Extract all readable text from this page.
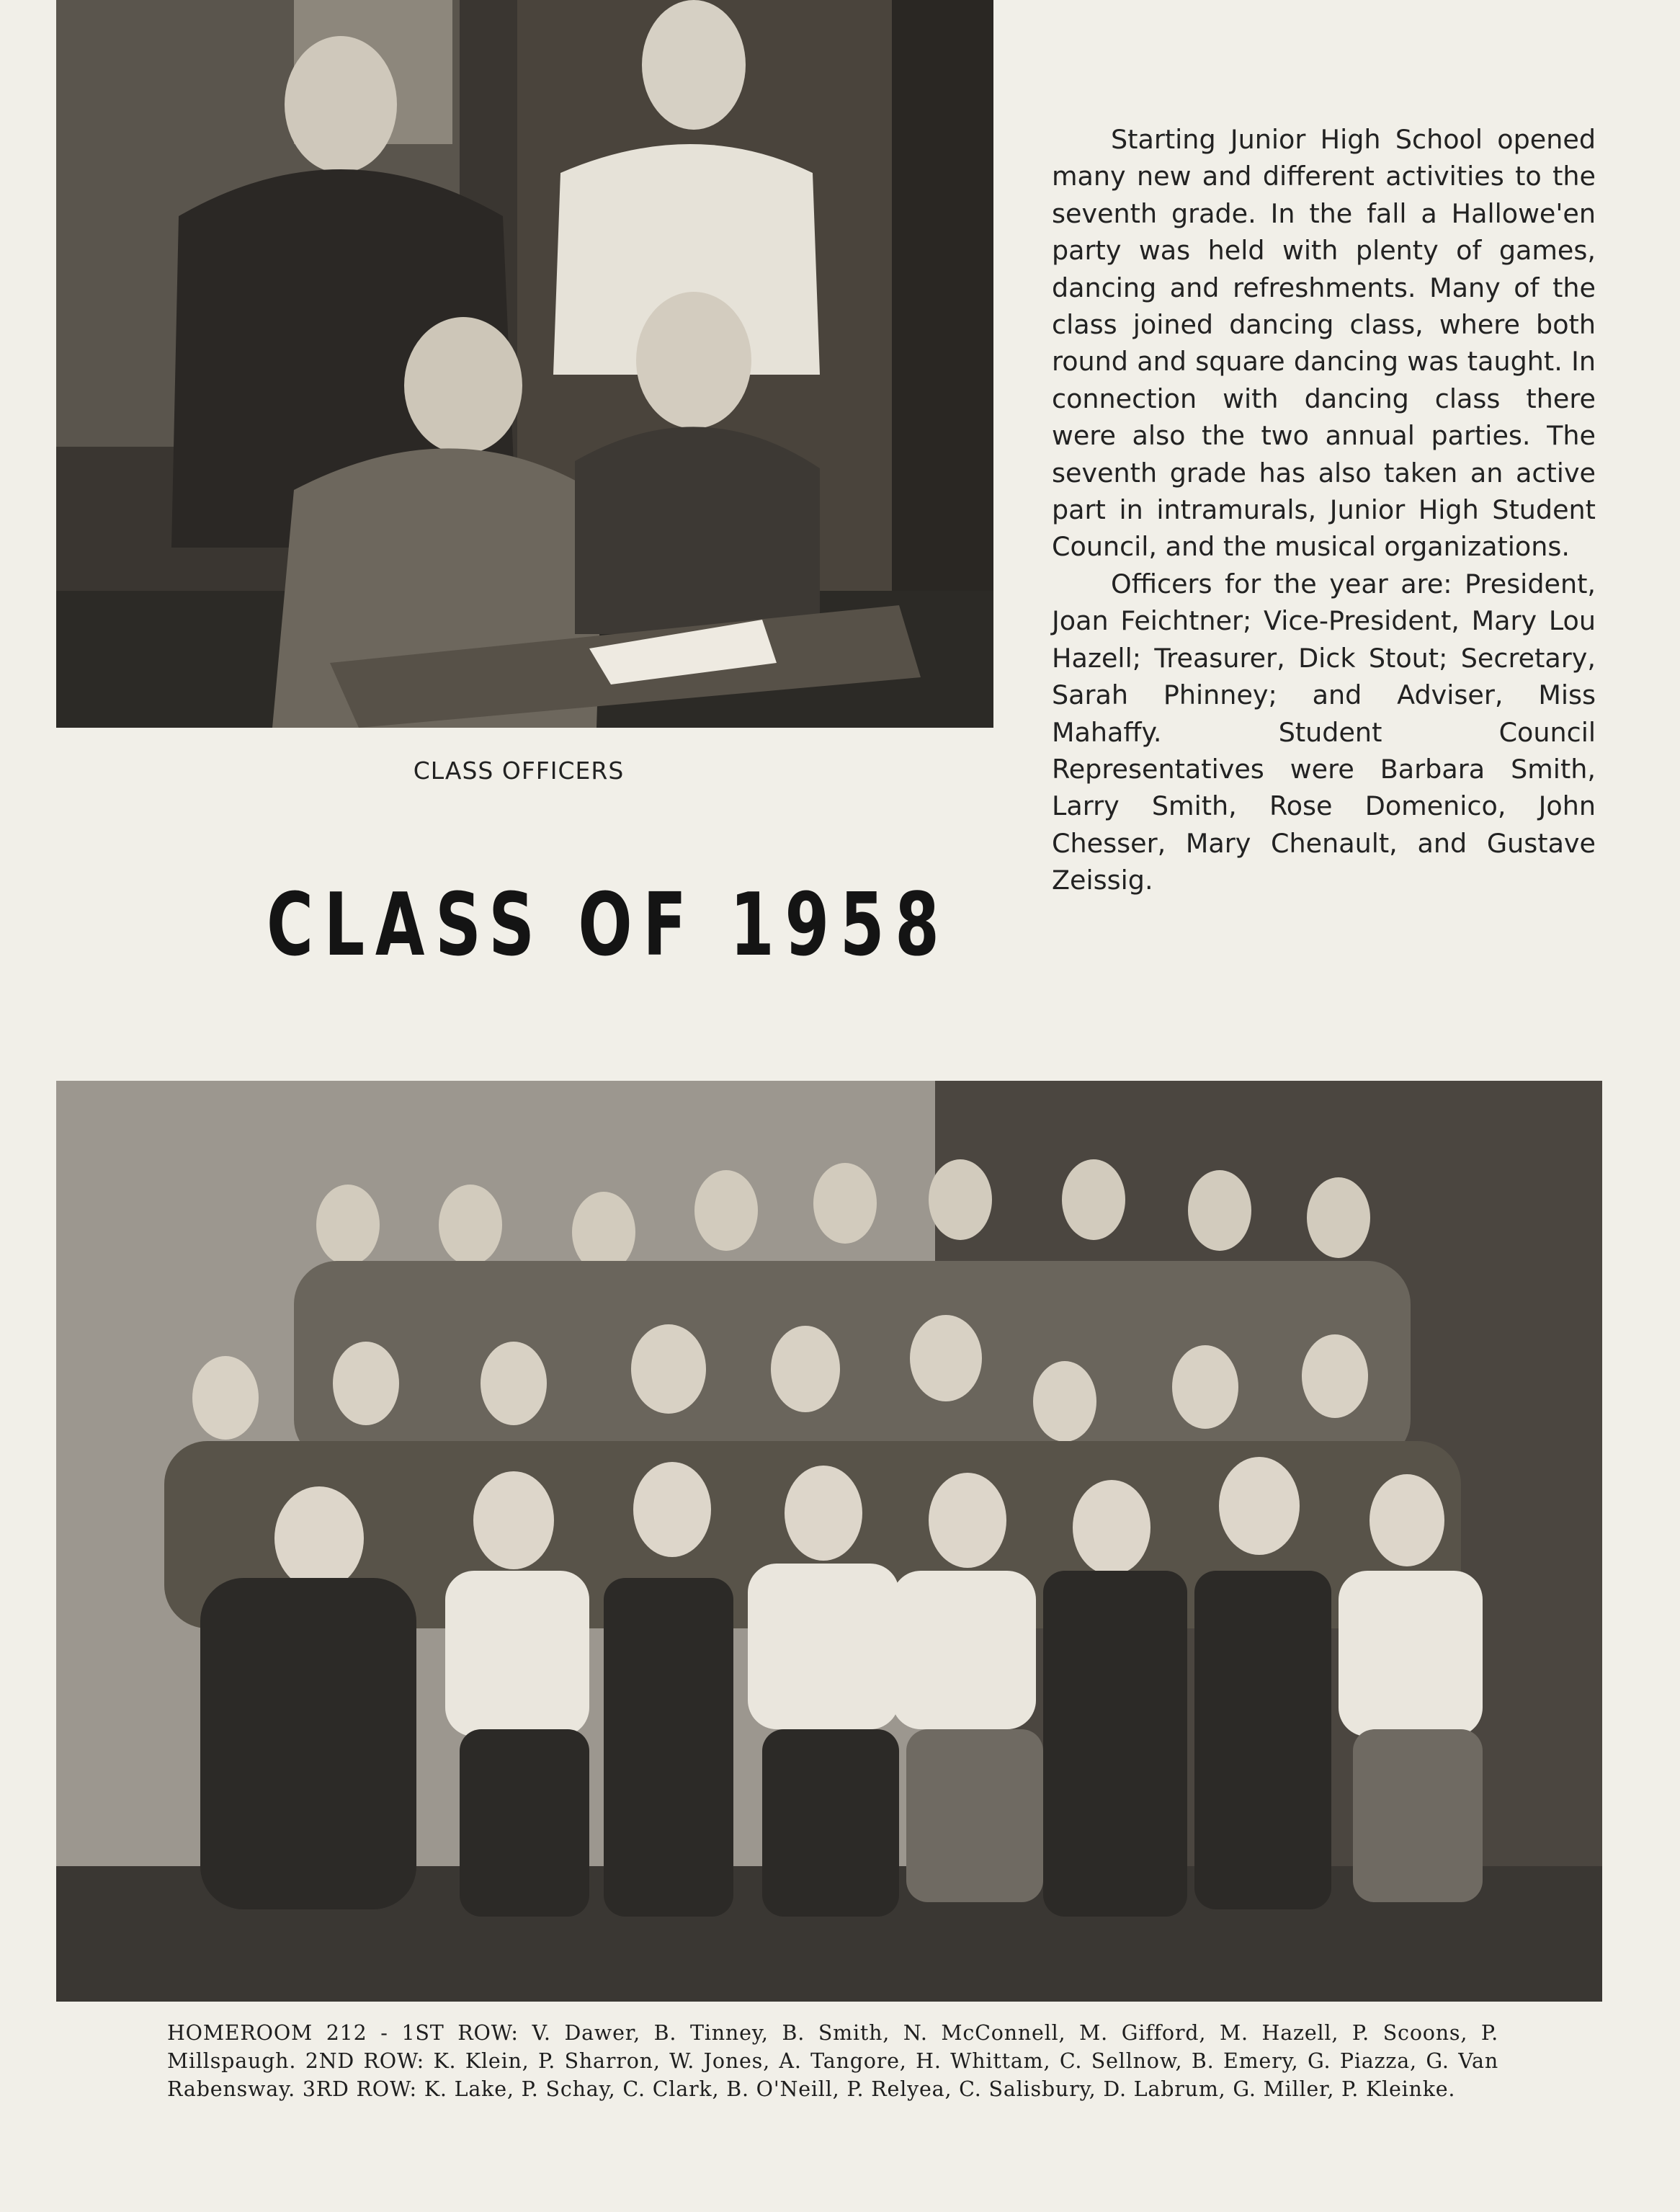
CLASS OFFICERS

Starting Junior High School opened many new and different activities to the seventh grade. In the fall a Hallowe'en party was held with plenty of games, dancing and refreshments. Many of the class joined dancing class, where both round and square dancing was taught. In connection with dancing class there were also the two annual parties. The seventh grade has also taken an active part in intramurals, Junior High Student Council, and the musical organizations.

Officers for the year are: President, Joan Feichtner; Vice-President, Mary Lou Hazell; Treasurer, Dick Stout; Secretary, Sarah Phinney; and Adviser, Miss Mahaffy. Student Council Representatives were Barbara Smith, Larry Smith, Rose Domenico, John Chesser, Mary Chenault, and Gustave Zeissig.

CLASS OF 1958
HOMEROOM 212 - 1ST ROW: V. Dawer, B. Tinney, B. Smith, N. McConnell, M. Gifford, M. Hazell, P. Scoons, P. Millspaugh. 2ND ROW: K. Klein, P. Sharron, W. Jones, A. Tangore, H. Whittam, C. Sellnow, B. Emery, G. Piazza, G. Van Rabensway. 3RD ROW: K. Lake, P. Schay, C. Clark, B. O'Neill, P. Relyea, C. Salisbury, D. Labrum, G. Miller, P. Kleinke.
